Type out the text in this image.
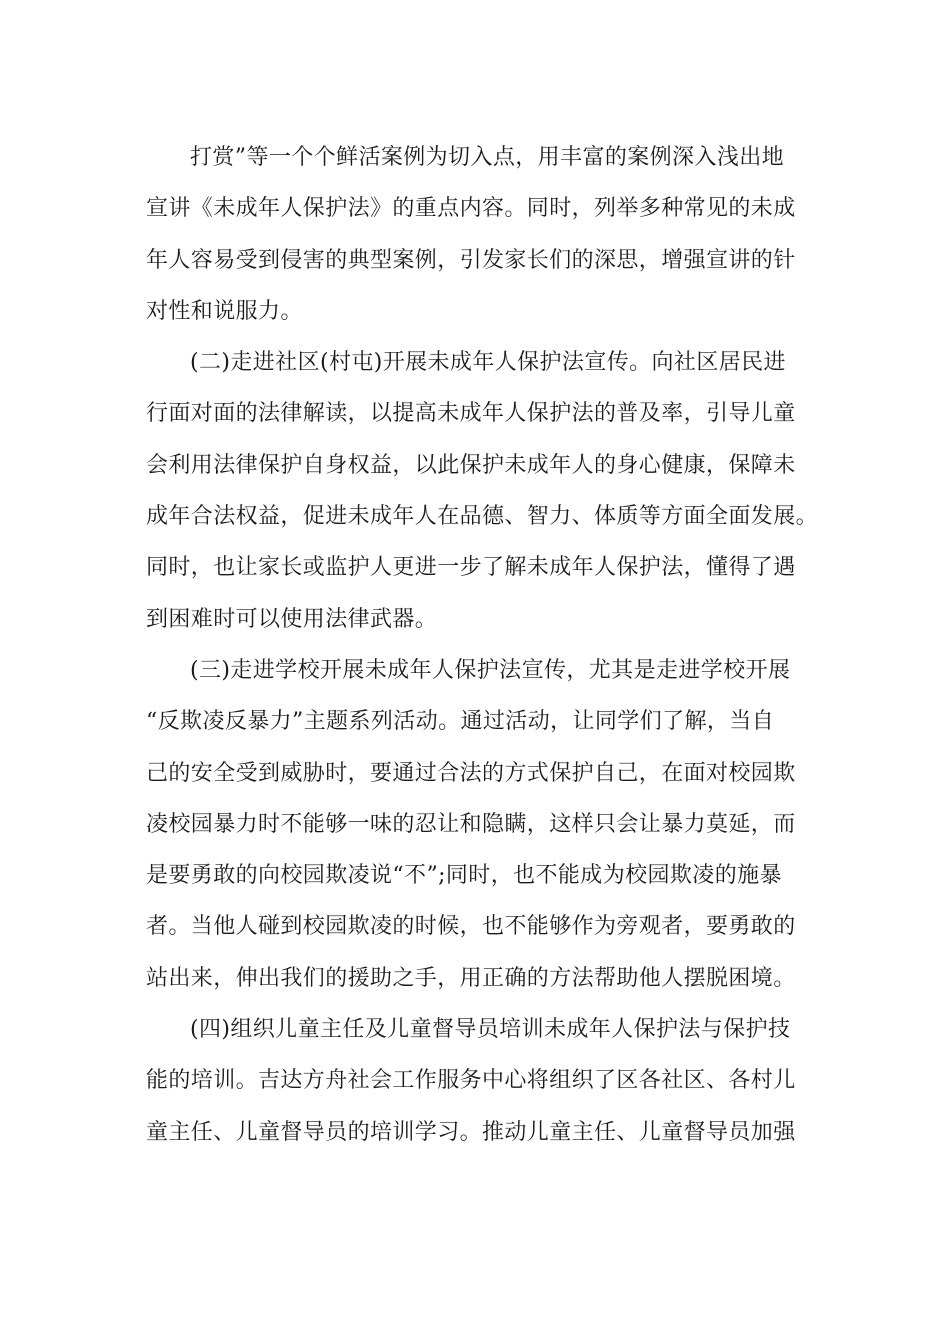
打赏”等一个个鲜活案例为切入点，用丰富的案例深入浅出地
宣讲《未成年人保护法》的重点内容。同时，列举多种常见的未成
年人容易受到侵害的典型案例，引发家长们的深思，增强宣讲的针
对性和说服力。
(二)走进社区(村屯)开展未成年人保护法宣传。向社区居民进
行面对面的法律解读，以提高未成年人保护法的普及率，引导儿童
会利用法律保护自身权益，以此保护未成年人的身心健康，保障未
成年合法权益，促进未成年人在品德、智力、体质等方面全面发展。
同时，也让家长或监护人更进一步了解未成年人保护法，懂得了遇
到困难时可以使用法律武器。
(三)走进学校开展未成年人保护法宣传，尤其是走进学校开展
“反欺凌反暴力”主题系列活动。通过活动，让同学们了解，当自
己的安全受到威胁时，要通过合法的方式保护自己，在面对校园欺
凌校园暴力时不能够一味的忍让和隐瞒，这样只会让暴力莫延，而
是要勇敢的向校园欺凌说“不”;同时，也不能成为校园欺凌的施暴
者。当他人碰到校园欺凌的时候，也不能够作为旁观者，要勇敢的
站出来，伸出我们的援助之手，用正确的方法帮助他人摆脱困境。
(四)组织儿童主任及儿童督导员培训未成年人保护法与保护技
能的培训。吉达方舟社会工作服务中心将组织了区各社区、各村儿
童主任、儿童督导员的培训学习。推动儿童主任、儿童督导员加强
